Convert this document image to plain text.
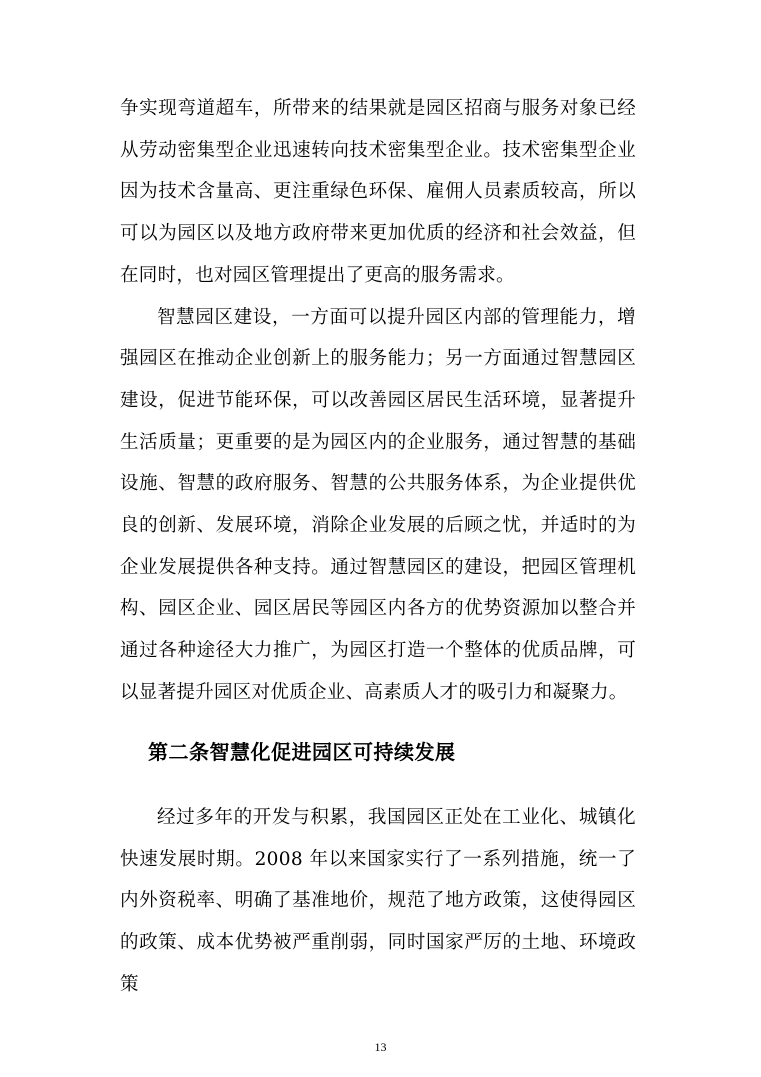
争实现弯道超车，所带来的结果就是园区招商与服务对象已经从劳动密集型企业迅速转向技术密集型企业。技术密集型企业因为技术含量高、更注重绿色环保、雇佣人员素质较高，所以可以为园区以及地方政府带来更加优质的经济和社会效益，但在同时，也对园区管理提出了更高的服务需求。

智慧园区建设，一方面可以提升园区内部的管理能力，增强园区在推动企业创新上的服务能力；另一方面通过智慧园区建设，促进节能环保，可以改善园区居民生活环境，显著提升生活质量；更重要的是为园区内的企业服务，通过智慧的基础设施、智慧的政府服务、智慧的公共服务体系，为企业提供优良的创新、发展环境，消除企业发展的后顾之忧，并适时的为企业发展提供各种支持。通过智慧园区的建设，把园区管理机构、园区企业、园区居民等园区内各方的优势资源加以整合并通过各种途径大力推广，为园区打造一个整体的优质品牌，可以显著提升园区对优质企业、高素质人才的吸引力和凝聚力。

第二条智慧化促进园区可持续发展

经过多年的开发与积累，我国园区正处在工业化、城镇化快速发展时期。2008 年以来国家实行了一系列措施，统一了内外资税率、明确了基准地价，规范了地方政策，这使得园区的政策、成本优势被严重削弱，同时国家严厉的土地、环境政策

13
